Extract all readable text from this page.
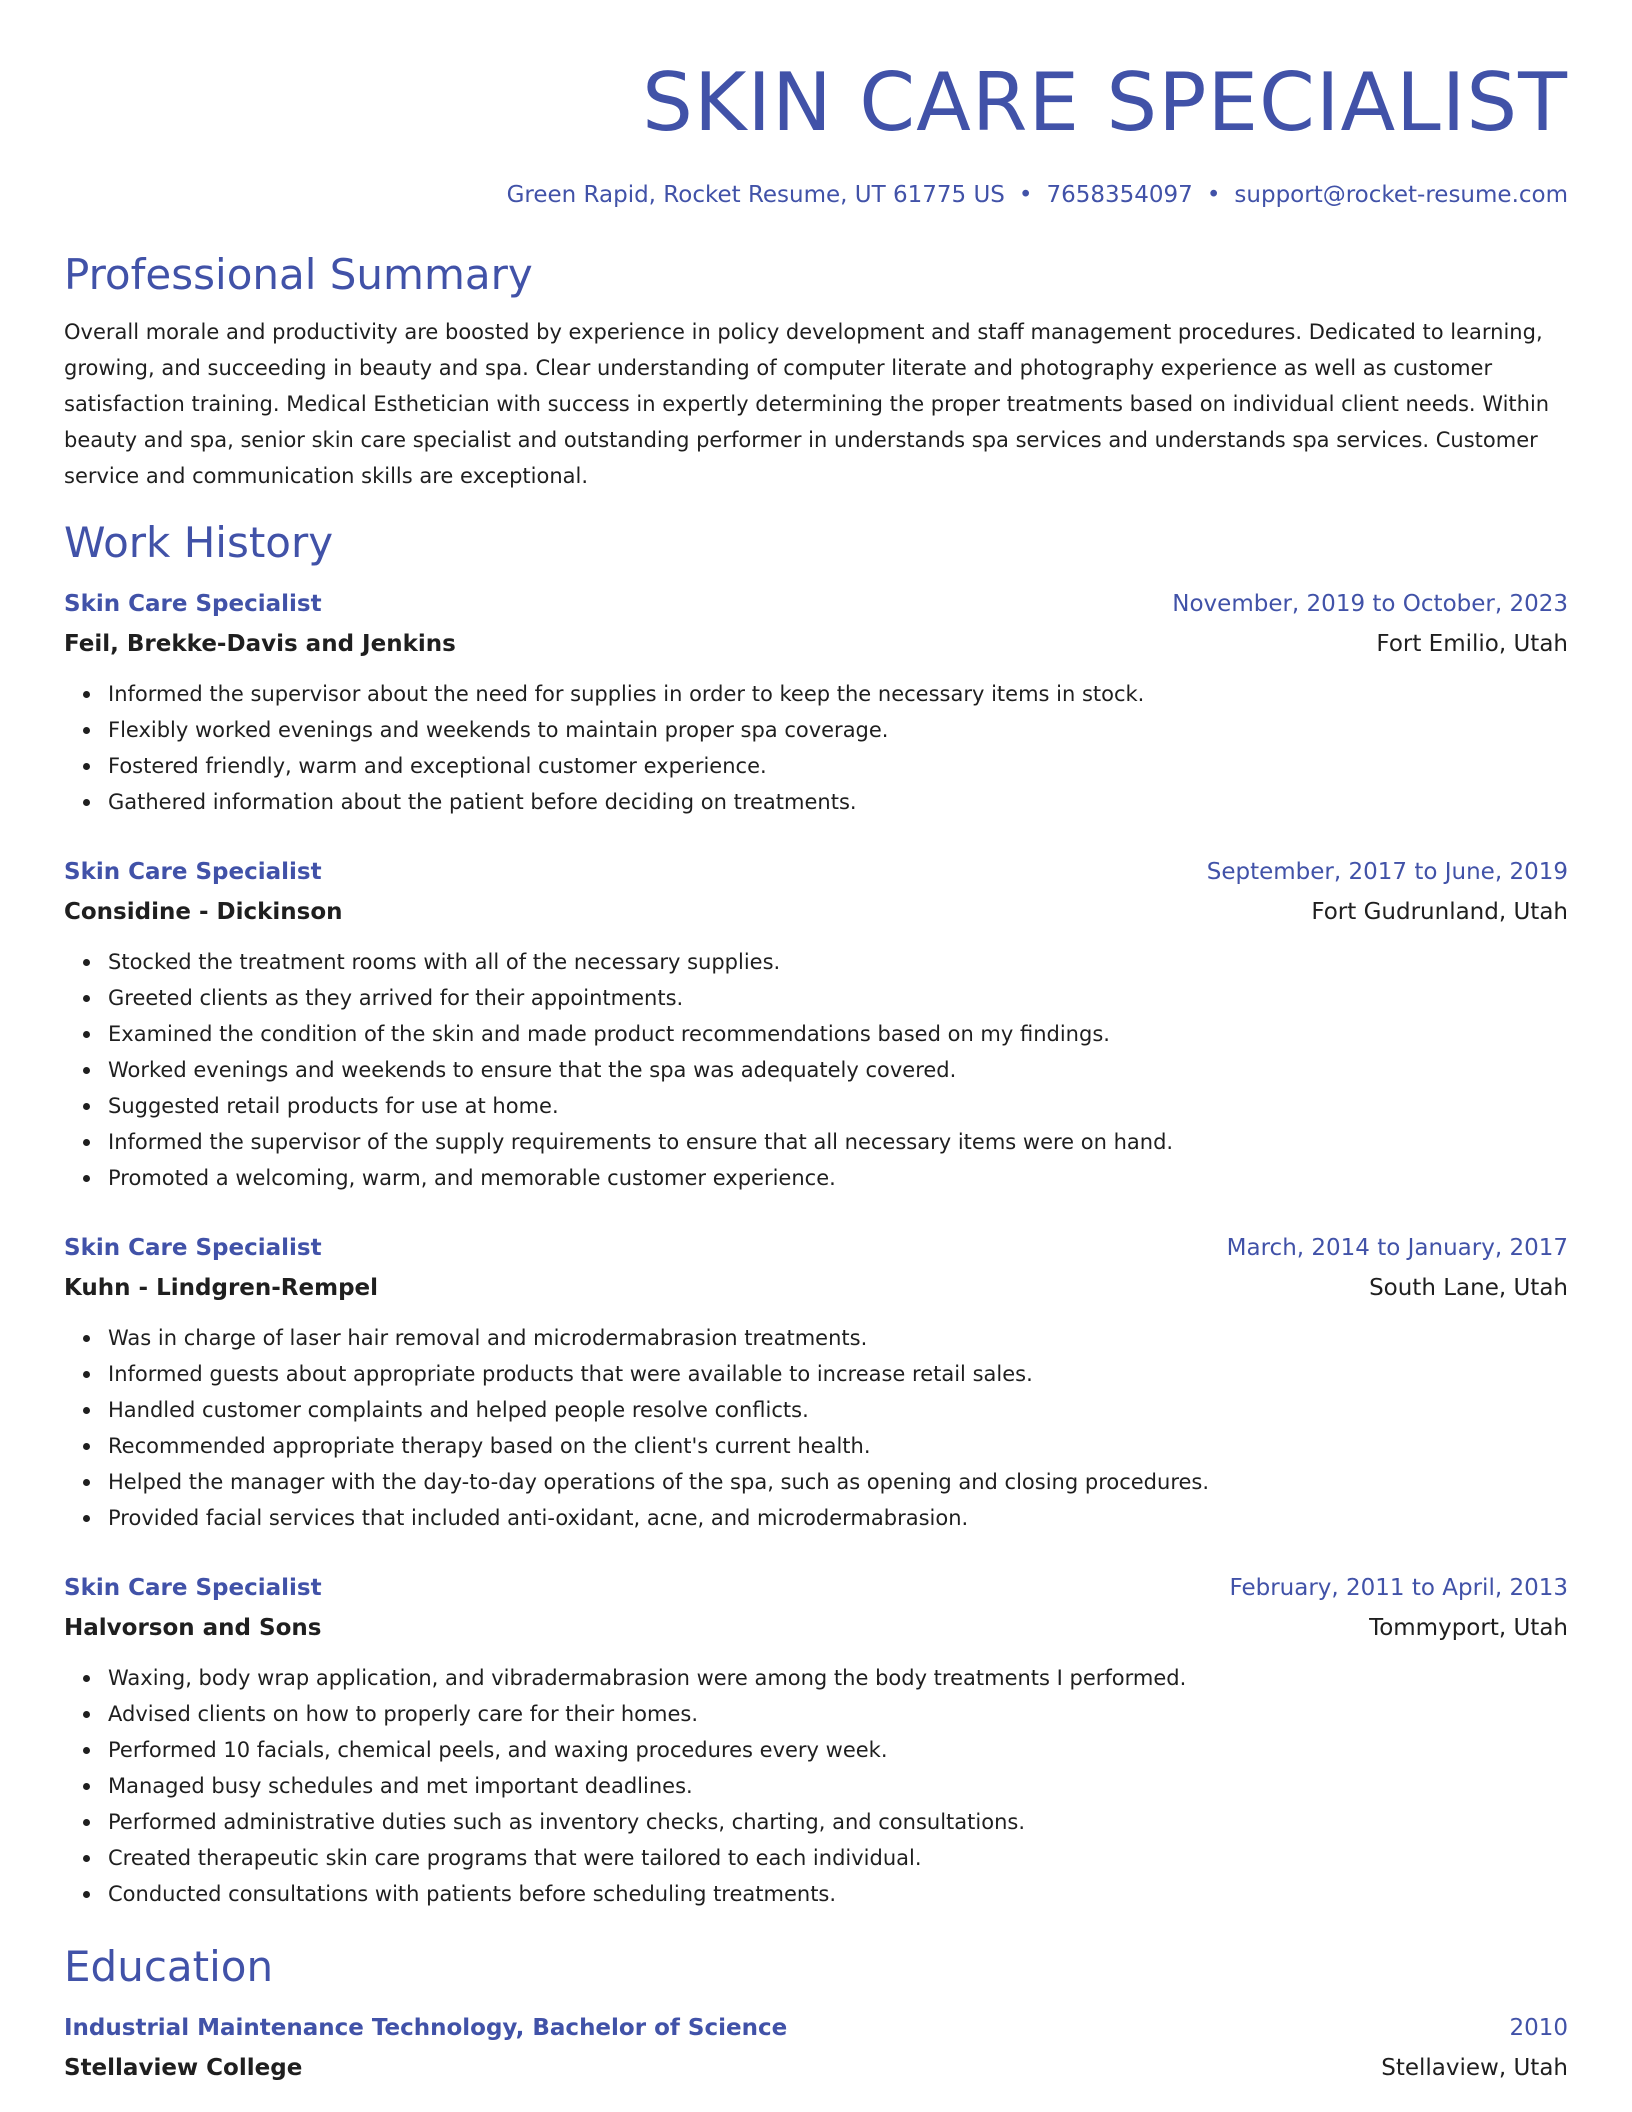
SKIN CARE SPECIALIST
Green Rapid, Rocket Resume, UT 61775 US • 7658354097 • support@rocket-resume.com
Professional Summary

Overall morale and productivity are boosted by experience in policy development and staff management procedures. Dedicated to learning, growing, and succeeding in beauty and spa. Clear understanding of computer literate and photography experience as well as customer satisfaction training. Medical Esthetician with success in expertly determining the proper treatments based on individual client needs. Within beauty and spa, senior skin care specialist and outstanding performer in understands spa services and understands spa services. Customer service and communication skills are exceptional.

Work History
Skin Care Specialist	November, 2019 to October, 2023
Feil, Brekke-Davis and Jenkins	Fort Emilio, Utah
Informed the supervisor about the need for supplies in order to keep the necessary items in stock.
Flexibly worked evenings and weekends to maintain proper spa coverage.
Fostered friendly, warm and exceptional customer experience.
Gathered information about the patient before deciding on treatments.
Skin Care Specialist	September, 2017 to June, 2019
Considine - Dickinson	Fort Gudrunland, Utah
Stocked the treatment rooms with all of the necessary supplies.
Greeted clients as they arrived for their appointments.
Examined the condition of the skin and made product recommendations based on my findings.
Worked evenings and weekends to ensure that the spa was adequately covered.
Suggested retail products for use at home.
Informed the supervisor of the supply requirements to ensure that all necessary items were on hand.
Promoted a welcoming, warm, and memorable customer experience.
Skin Care Specialist	March, 2014 to January, 2017
Kuhn - Lindgren-Rempel	South Lane, Utah
Was in charge of laser hair removal and microdermabrasion treatments.
Informed guests about appropriate products that were available to increase retail sales.
Handled customer complaints and helped people resolve conflicts.
Recommended appropriate therapy based on the client's current health.
Helped the manager with the day-to-day operations of the spa, such as opening and closing procedures.
Provided facial services that included anti-oxidant, acne, and microdermabrasion.
Skin Care Specialist	February, 2011 to April, 2013
Halvorson and Sons	Tommyport, Utah
Waxing, body wrap application, and vibradermabrasion were among the body treatments I performed.
Advised clients on how to properly care for their homes.
Performed 10 facials, chemical peels, and waxing procedures every week.
Managed busy schedules and met important deadlines.
Performed administrative duties such as inventory checks, charting, and consultations.
Created therapeutic skin care programs that were tailored to each individual.
Conducted consultations with patients before scheduling treatments.
Education
Industrial Maintenance Technology, Bachelor of Science	2010
Stellaview College	Stellaview, Utah
